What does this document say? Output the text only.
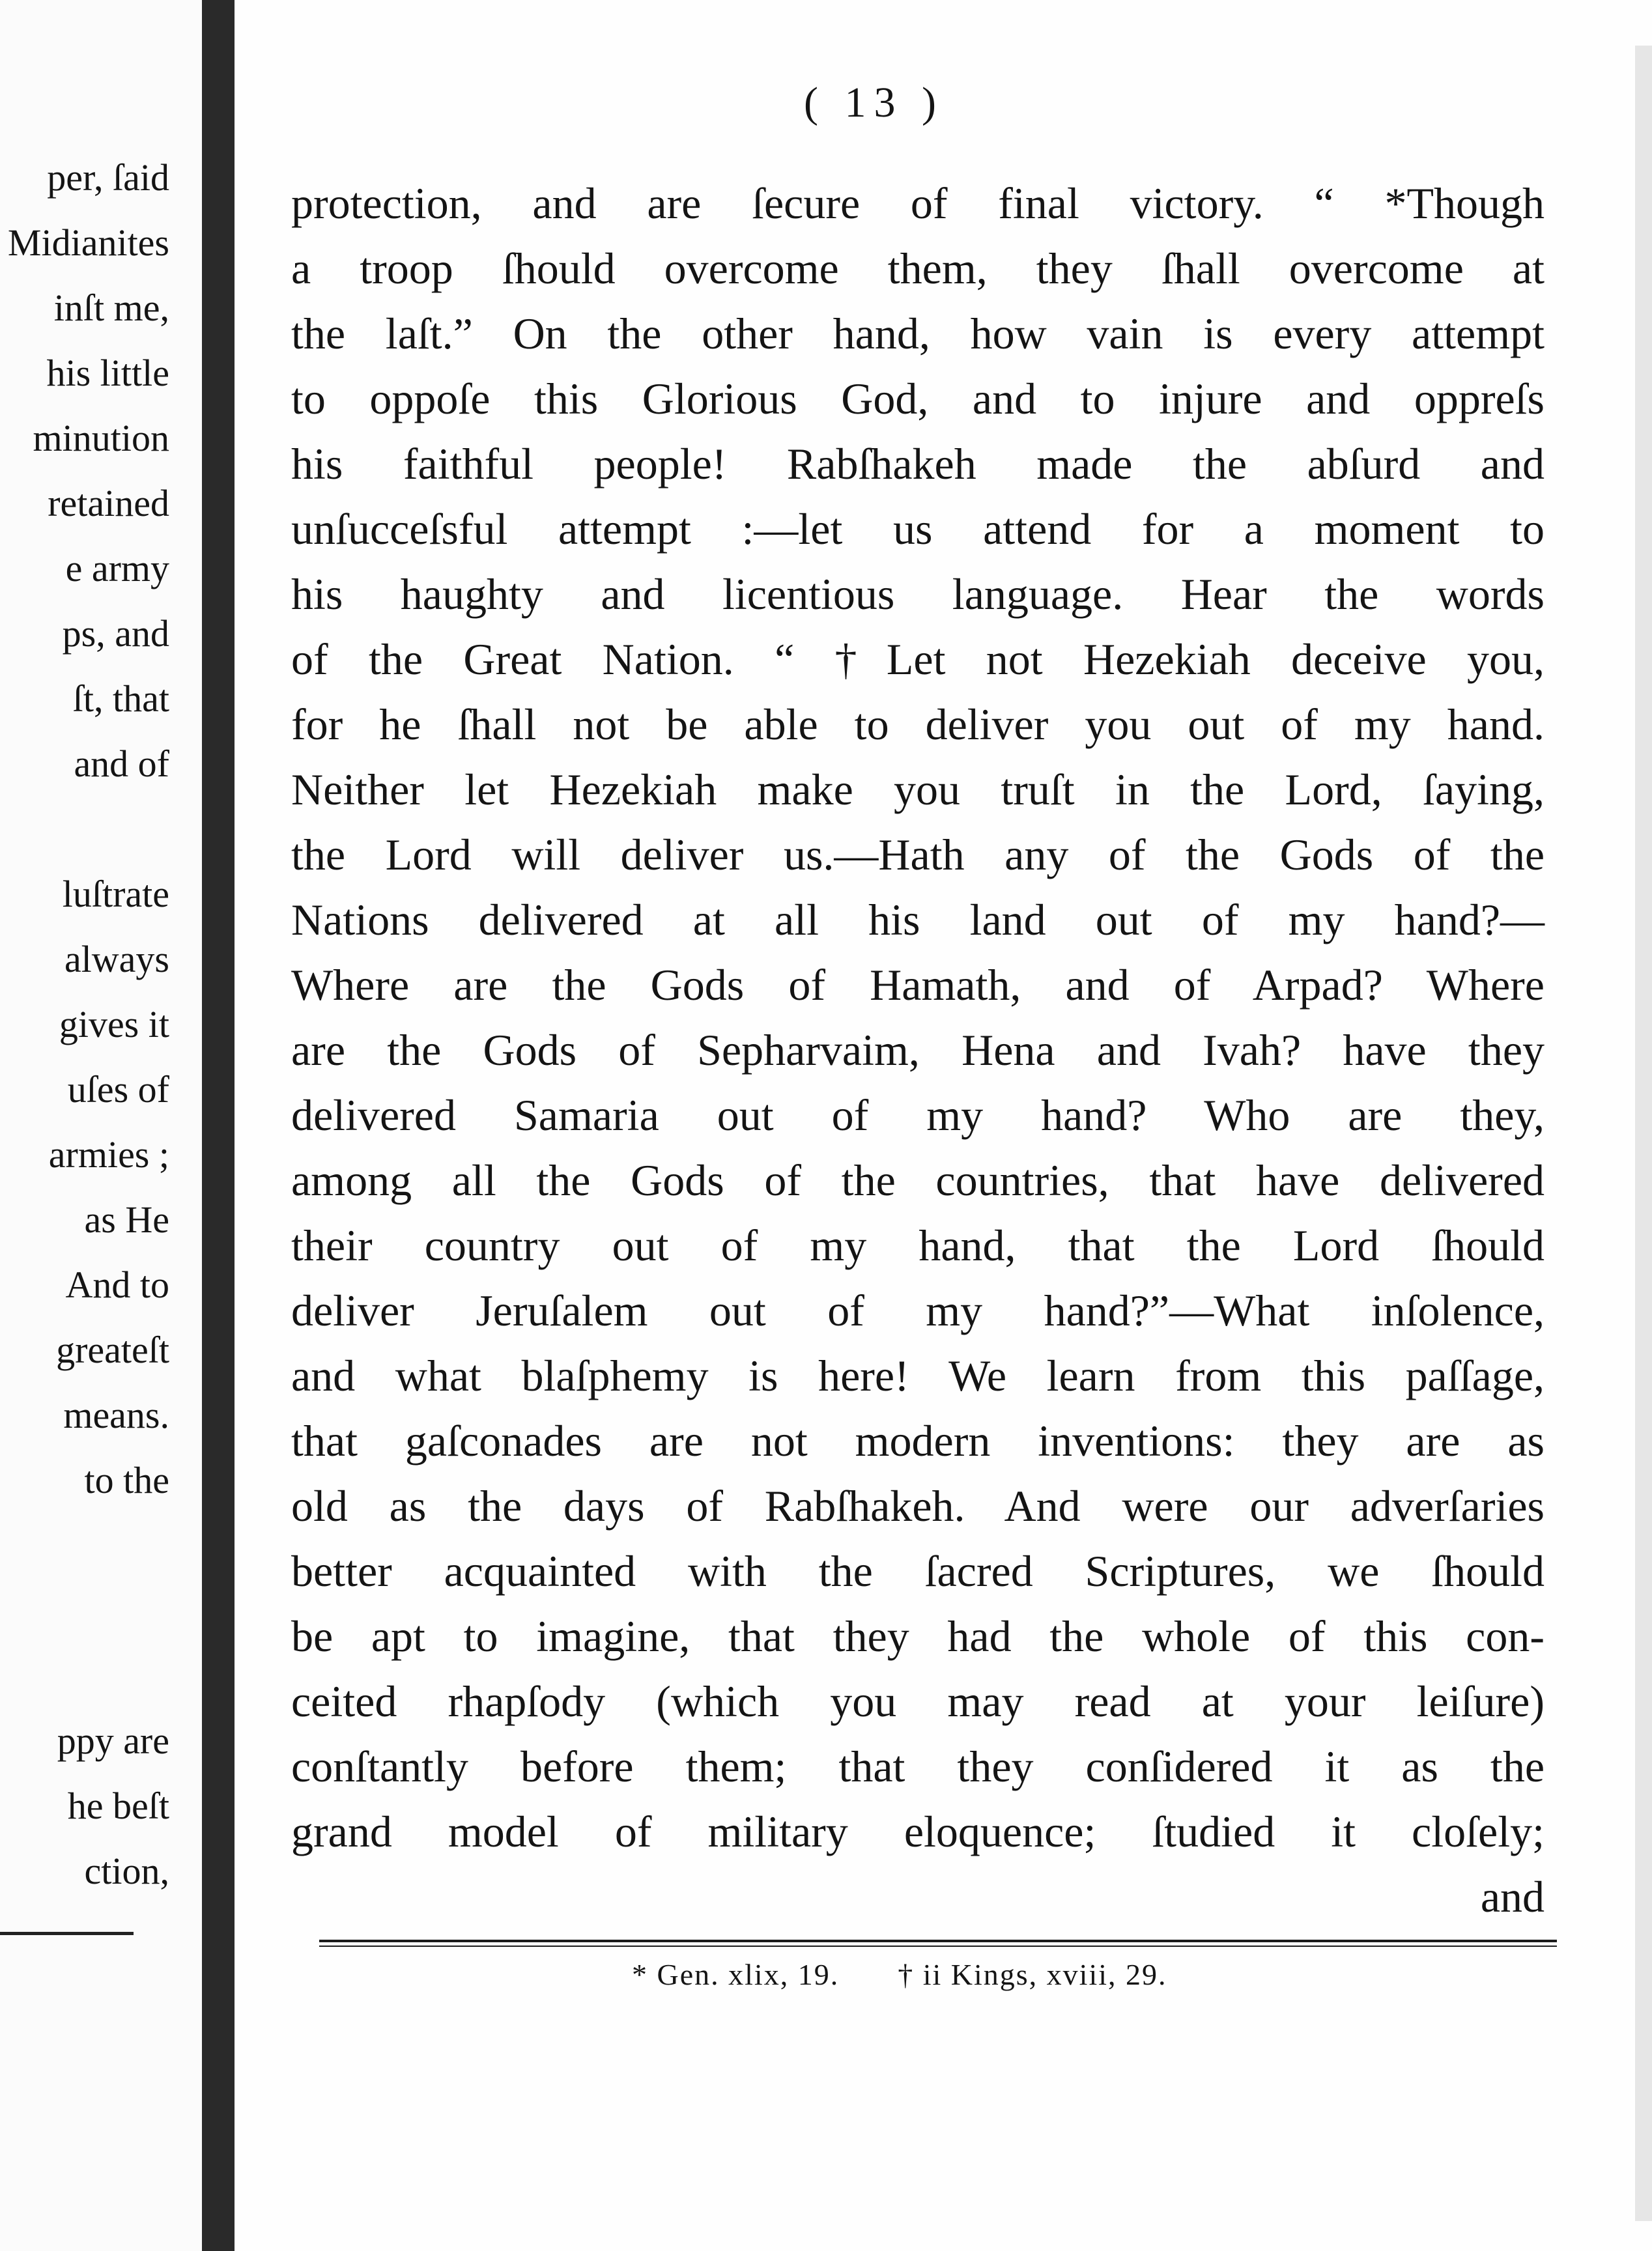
per, ſaid
Midianites
inſt me,
his little
minution
retained
e army
ps, and
ſt, that
and of
luſtrate
always
gives it
uſes of
armies ;
as He
And to
greateſt
means.
to the
ppy are
he beſt
ction,
( 13 )
protection, and are ſecure of final victory. “ *Though
a troop ſhould overcome them, they ſhall overcome at
the laſt.” On the other hand, how vain is every attempt
to oppoſe this Glorious God, and to injure and oppreſs
his faithful people! Rabſhakeh made the abſurd and
unſucceſsful attempt :—let us attend for a moment to
his haughty and licentious language. Hear the words
of the Great Nation. “ †Let not Hezekiah deceive you,
for he ſhall not be able to deliver you out of my hand.
Neither let Hezekiah make you truſt in the Lord, ſaying,
the Lord will deliver us.—Hath any of the Gods of the
Nations delivered at all his land out of my hand?—
Where are the Gods of Hamath, and of Arpad? Where
are the Gods of Sepharvaim, Hena and Ivah? have they
delivered Samaria out of my hand? Who are they,
among all the Gods of the countries, that have delivered
their country out of my hand, that the Lord ſhould
deliver Jeruſalem out of my hand?”—What inſolence,
and what blaſphemy is here! We learn from this paſſage,
that gaſconades are not modern inventions: they are as
old as the days of Rabſhakeh. And were our adverſaries
better acquainted with the ſacred Scriptures, we ſhould
be apt to imagine, that they had the whole of this con-
ceited rhapſody (which you may read at your leiſure)
conſtantly before them; that they conſidered it as the
grand model of military eloquence; ſtudied it cloſely;
and
* Gen. xlix, 19. † ii Kings, xviii, 29.
